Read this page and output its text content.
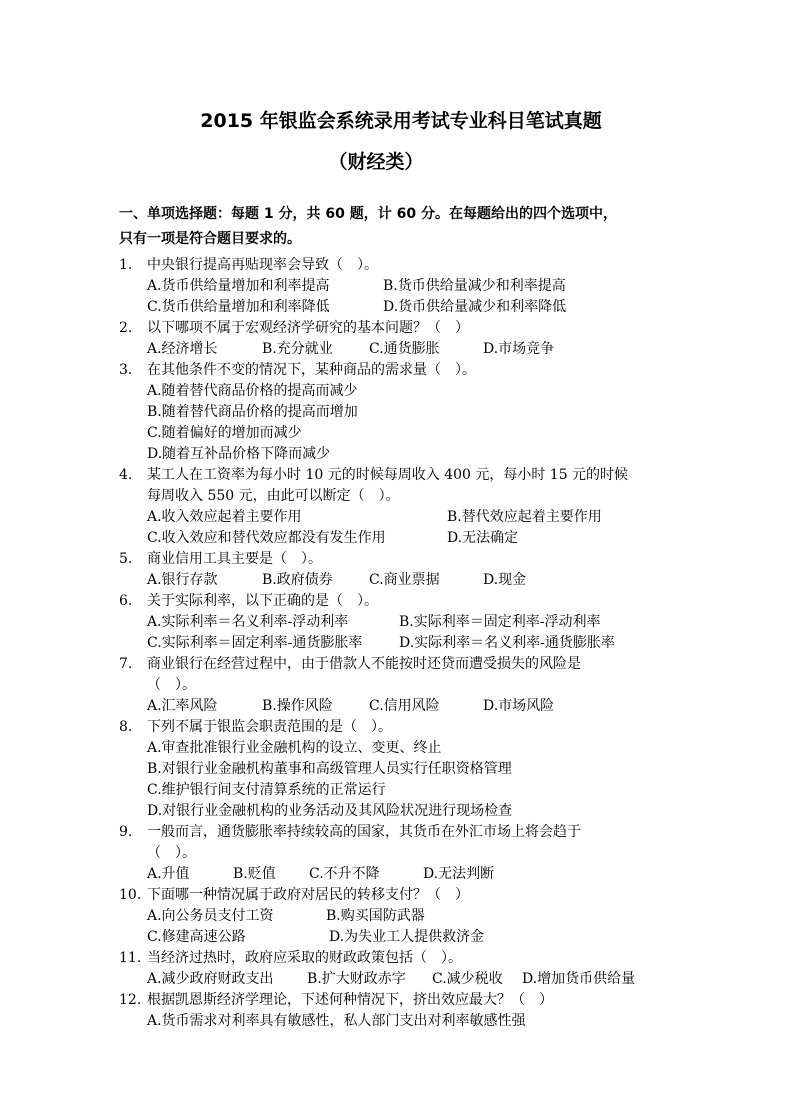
2015 年银监会系统录用考试专业科目笔试真题
（财经类）

一、单项选择题：每题 1 分，共 60 题，计 60 分。在每题给出的四个选项中，

只有一项是符合题目要求的。

1. 中央银行提高再贴现率会导致（　）。
A.货币供给量增加和利率提高	B.货币供给量减少和利率提高
C.货币供给量增加和利率降低	D.货币供给量减少和利率降低
2. 以下哪项不属于宏观经济学研究的基本问题？（　）
A.经济增长	B.充分就业	C.通货膨胀	D.市场竞争
3. 在其他条件不变的情况下，某种商品的需求量（　）。
A.随着替代商品价格的提高而减少
B.随着替代商品价格的提高而增加
C.随着偏好的增加而减少
D.随着互补品价格下降而减少
4. 某工人在工资率为每小时 10 元的时候每周收入 400 元，每小时 15 元的时候
每周收入 550 元，由此可以断定（　）。
A.收入效应起着主要作用	B.替代效应起着主要作用
C.收入效应和替代效应都没有发生作用	D.无法确定
5. 商业信用工具主要是（　）。
A.银行存款	B.政府债券	C.商业票据	D.现金
6. 关于实际利率，以下正确的是（　）。
A.实际利率＝名义利率-浮动利率	B.实际利率＝固定利率-浮动利率
C.实际利率＝固定利率-通货膨胀率	D.实际利率＝名义利率-通货膨胀率
7. 商业银行在经营过程中，由于借款人不能按时还贷而遭受损失的风险是
（　）。
A.汇率风险	B.操作风险	C.信用风险	D.市场风险
8. 下列不属于银监会职责范围的是（　）。
A.审查批准银行业金融机构的设立、变更、终止
B.对银行业金融机构董事和高级管理人员实行任职资格管理
C.维护银行间支付清算系统的正常运行
D.对银行业金融机构的业务活动及其风险状况进行现场检查
9. 一般而言，通货膨胀率持续较高的国家，其货币在外汇市场上将会趋于
（　）。
A.升值	B.贬值 C.不升不降	D.无法判断
10. 下面哪一种情况属于政府对居民的转移支付？（　）
A.向公务员支付工资	B.购买国防武器
C.修建高速公路	D.为失业工人提供救济金
11. 当经济过热时，政府应采取的财政政策包括（　）。
A.减少政府财政支出 B.扩大财政赤字 C.减少税收 D.增加货币供给量
12. 根据凯恩斯经济学理论，下述何种情况下，挤出效应最大？（　）
A.货币需求对利率具有敏感性，私人部门支出对利率敏感性强
